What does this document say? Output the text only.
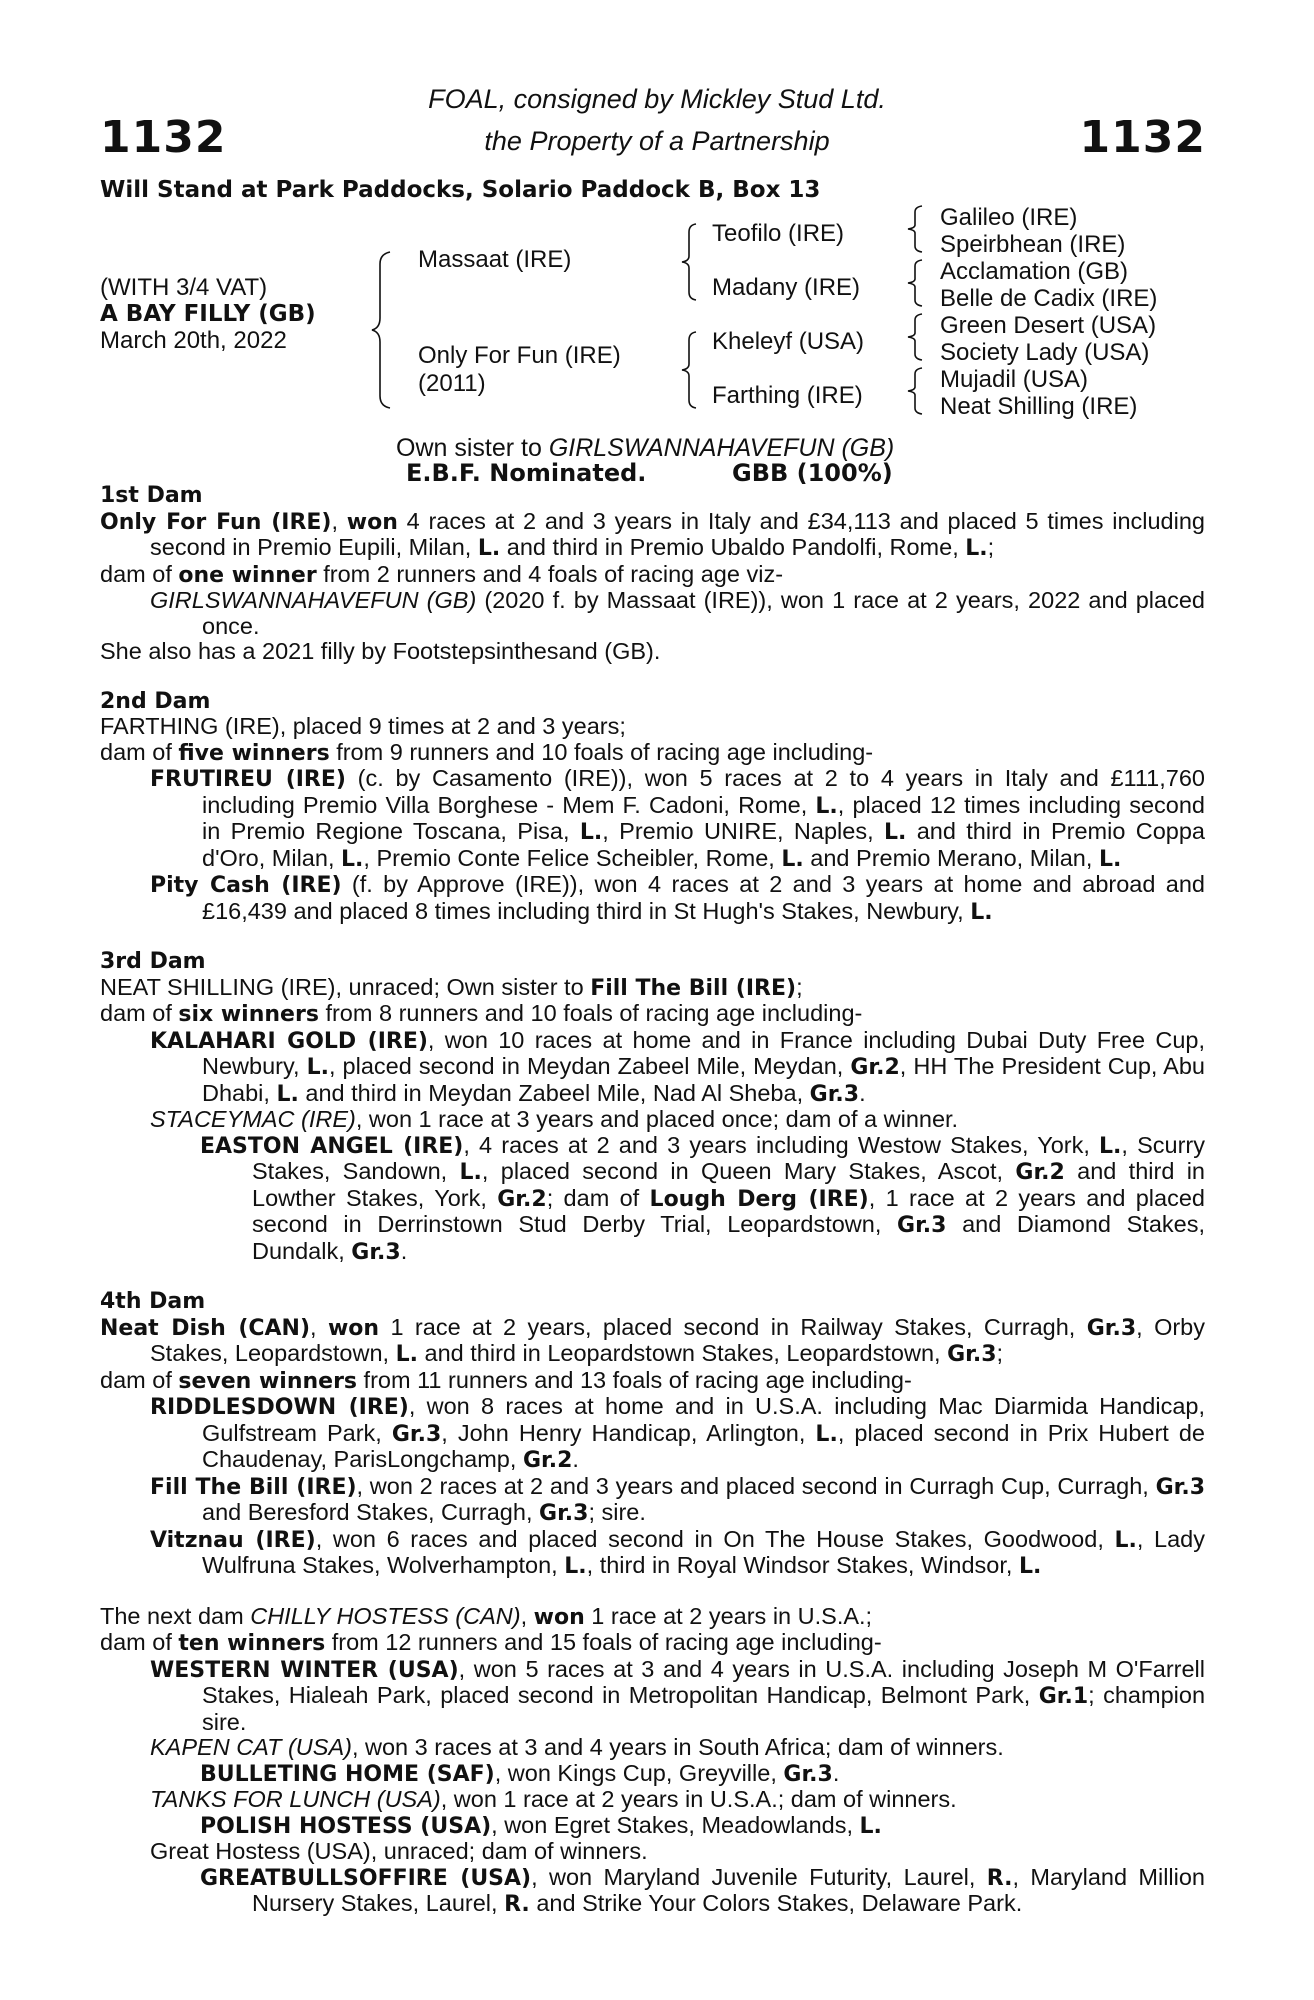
1132	1132
FOAL, consigned by Mickley Stud Ltd.
the Property of a Partnership
Will Stand at Park Paddocks, Solario Paddock B, Box 13
(WITH 3/4 VAT)
A BAY FILLY (GB)
March 20th, 2022
Massaat (IRE)
Only For Fun (IRE)
(2011)
Teofilo (IRE)
Madany (IRE)
Kheleyf (USA)
Farthing (IRE)
Galileo (IRE)
Speirbhean (IRE)
Acclamation (GB)
Belle de Cadix (IRE)
Green Desert (USA)
Society Lady (USA)
Mujadil (USA)
Neat Shilling (IRE)
Own sister to GIRLSWANNAHAVEFUN (GB)
E.B.F. Nominated.	GBB (100%)

1st Dam

Only For Fun (IRE), won 4 races at 2 and 3 years in Italy and £34,113 and placed 5 times including second in Premio Eupili, Milan, L. and third in Premio Ubaldo Pandolfi, Rome, L.;

dam of one winner from 2 runners and 4 foals of racing age viz-

GIRLSWANNAHAVEFUN (GB) (2020 f. by Massaat (IRE)), won 1 race at 2 years, 2022 and placed once.

She also has a 2021 filly by Footstepsinthesand (GB).

2nd Dam

FARTHING (IRE), placed 9 times at 2 and 3 years;

dam of five winners from 9 runners and 10 foals of racing age including-

FRUTIREU (IRE) (c. by Casamento (IRE)), won 5 races at 2 to 4 years in Italy and £111,760 including Premio Villa Borghese - Mem F. Cadoni, Rome, L., placed 12 times including second in Premio Regione Toscana, Pisa, L., Premio UNIRE, Naples, L. and third in Premio Coppa d'Oro, Milan, L., Premio Conte Felice Scheibler, Rome, L. and Premio Merano, Milan, L.

Pity Cash (IRE) (f. by Approve (IRE)), won 4 races at 2 and 3 years at home and abroad and £16,439 and placed 8 times including third in St Hugh's Stakes, Newbury, L.

3rd Dam

NEAT SHILLING (IRE), unraced; Own sister to Fill The Bill (IRE);

dam of six winners from 8 runners and 10 foals of racing age including-

KALAHARI GOLD (IRE), won 10 races at home and in France including Dubai Duty Free Cup, Newbury, L., placed second in Meydan Zabeel Mile, Meydan, Gr.2, HH The President Cup, Abu Dhabi, L. and third in Meydan Zabeel Mile, Nad Al Sheba, Gr.3.

STACEYMAC (IRE), won 1 race at 3 years and placed once; dam of a winner.

EASTON ANGEL (IRE), 4 races at 2 and 3 years including Westow Stakes, York, L., Scurry Stakes, Sandown, L., placed second in Queen Mary Stakes, Ascot, Gr.2 and third in Lowther Stakes, York, Gr.2; dam of Lough Derg (IRE), 1 race at 2 years and placed second in Derrinstown Stud Derby Trial, Leopardstown, Gr.3 and Diamond Stakes, Dundalk, Gr.3.

4th Dam

Neat Dish (CAN), won 1 race at 2 years, placed second in Railway Stakes, Curragh, Gr.3, Orby Stakes, Leopardstown, L. and third in Leopardstown Stakes, Leopardstown, Gr.3;

dam of seven winners from 11 runners and 13 foals of racing age including-

RIDDLESDOWN (IRE), won 8 races at home and in U.S.A. including Mac Diarmida Handicap, Gulfstream Park, Gr.3, John Henry Handicap, Arlington, L., placed second in Prix Hubert de Chaudenay, ParisLongchamp, Gr.2.

Fill The Bill (IRE), won 2 races at 2 and 3 years and placed second in Curragh Cup, Curragh, Gr.3 and Beresford Stakes, Curragh, Gr.3; sire.

Vitznau (IRE), won 6 races and placed second in On The House Stakes, Goodwood, L., Lady Wulfruna Stakes, Wolverhampton, L., third in Royal Windsor Stakes, Windsor, L.

The next dam CHILLY HOSTESS (CAN), won 1 race at 2 years in U.S.A.;

dam of ten winners from 12 runners and 15 foals of racing age including-

WESTERN WINTER (USA), won 5 races at 3 and 4 years in U.S.A. including Joseph M O'Farrell Stakes, Hialeah Park, placed second in Metropolitan Handicap, Belmont Park, Gr.1; champion sire.

KAPEN CAT (USA), won 3 races at 3 and 4 years in South Africa; dam of winners.

BULLETING HOME (SAF), won Kings Cup, Greyville, Gr.3.

TANKS FOR LUNCH (USA), won 1 race at 2 years in U.S.A.; dam of winners.

POLISH HOSTESS (USA), won Egret Stakes, Meadowlands, L.

Great Hostess (USA), unraced; dam of winners.

GREATBULLSOFFIRE (USA), won Maryland Juvenile Futurity, Laurel, R., Maryland Million Nursery Stakes, Laurel, R. and Strike Your Colors Stakes, Delaware Park.
